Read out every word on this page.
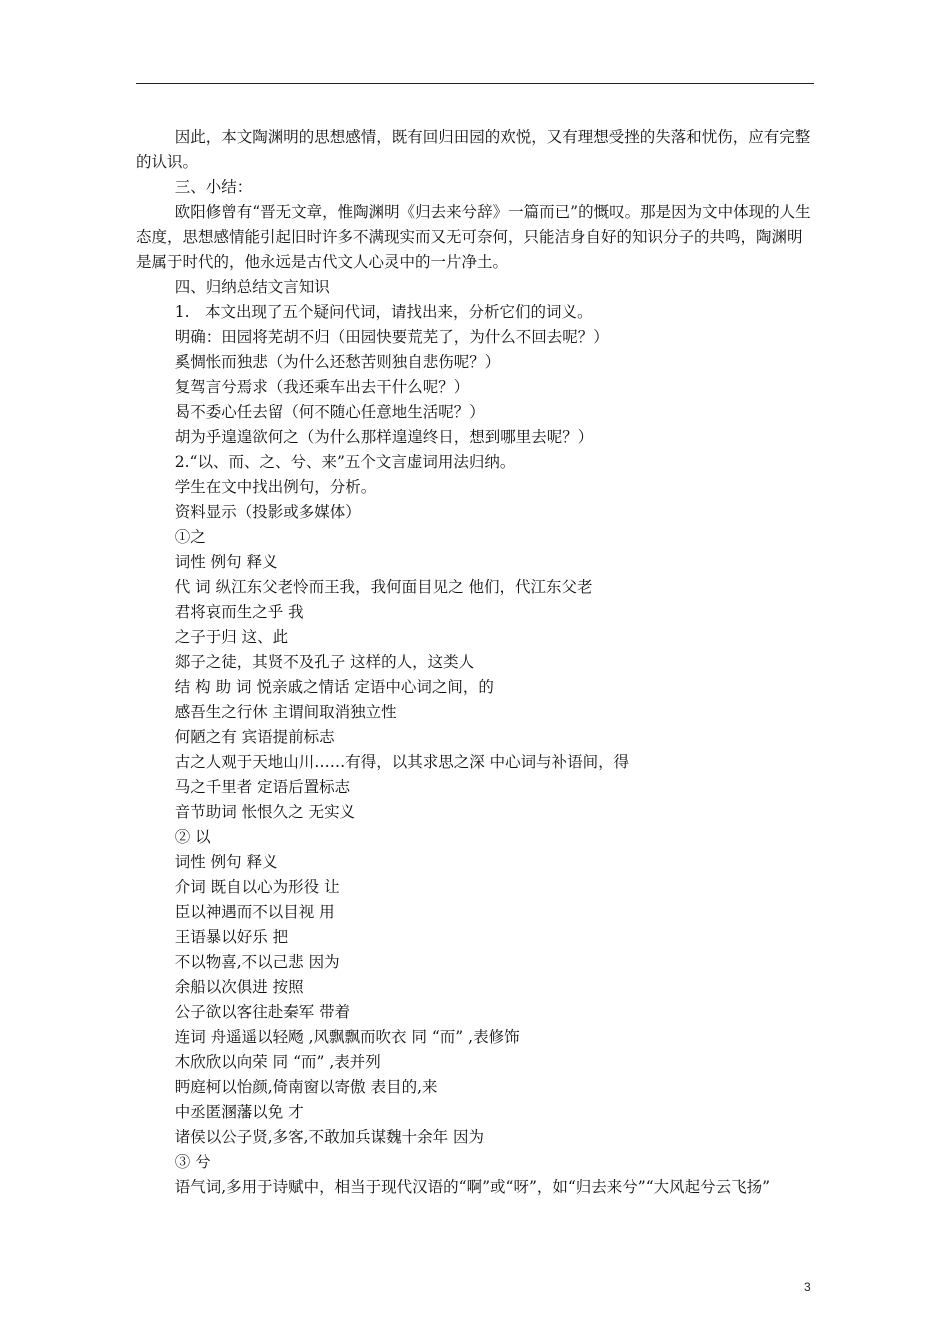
因此，本文陶渊明的思想感情，既有回归田园的欢悦，又有理想受挫的失落和忧伤，应有完整的认识。

三、小结：

欧阳修曾有“晋无文章，惟陶渊明《归去来兮辞》一篇而已”的慨叹。那是因为文中体现的人生态度，思想感情能引起旧时许多不满现实而又无可奈何，只能洁身自好的知识分子的共鸣，陶渊明是属于时代的，他永远是古代文人心灵中的一片净土。

四、归纳总结文言知识

1.　本文出现了五个疑问代词，请找出来，分析它们的词义。

明确：田园将芜胡不归（田园快要荒芜了，为什么不回去呢？）

奚惆怅而独悲（为什么还愁苦则独自悲伤呢？）

复驾言兮焉求（我还乘车出去干什么呢？）

曷不委心任去留（何不随心任意地生活呢？）

胡为乎遑遑欲何之（为什么那样遑遑终日，想到哪里去呢？）

2.“以、而、之、兮、来”五个文言虚词用法归纳。

学生在文中找出例句，分析。

资料显示（投影或多媒体）

①之

词性 例句 释义

代 词 纵江东父老怜而王我，我何面目见之 他们，代江东父老

君将哀而生之乎 我

之子于归 这、此

郯子之徒，其贤不及孔子 这样的人，这类人

结 构 助 词 悦亲戚之情话 定语中心词之间，的

感吾生之行休 主谓间取消独立性

何陋之有 宾语提前标志

古之人观于天地山川……有得，以其求思之深 中心词与补语间，得

马之千里者 定语后置标志

音节助词 怅恨久之 无实义

② 以

词性 例句 释义

介词 既自以心为形役 让

臣以神遇而不以目视 用

王语暴以好乐 把

不以物喜,不以己悲 因为

余船以次俱进 按照

公子欲以客往赴秦军 带着

连词 舟遥遥以轻飏 ,风飘飘而吹衣 同 “而” ,表修饰

木欣欣以向荣 同 “而” ,表并列

眄庭柯以怡颜,倚南窗以寄傲 表目的,来

中丞匿溷藩以免 才

诸侯以公子贤,多客,不敢加兵谋魏十余年 因为

③ 兮

语气词,多用于诗赋中，相当于现代汉语的“啊”或“呀”，如“归去来兮”“大风起兮云飞扬”

3
